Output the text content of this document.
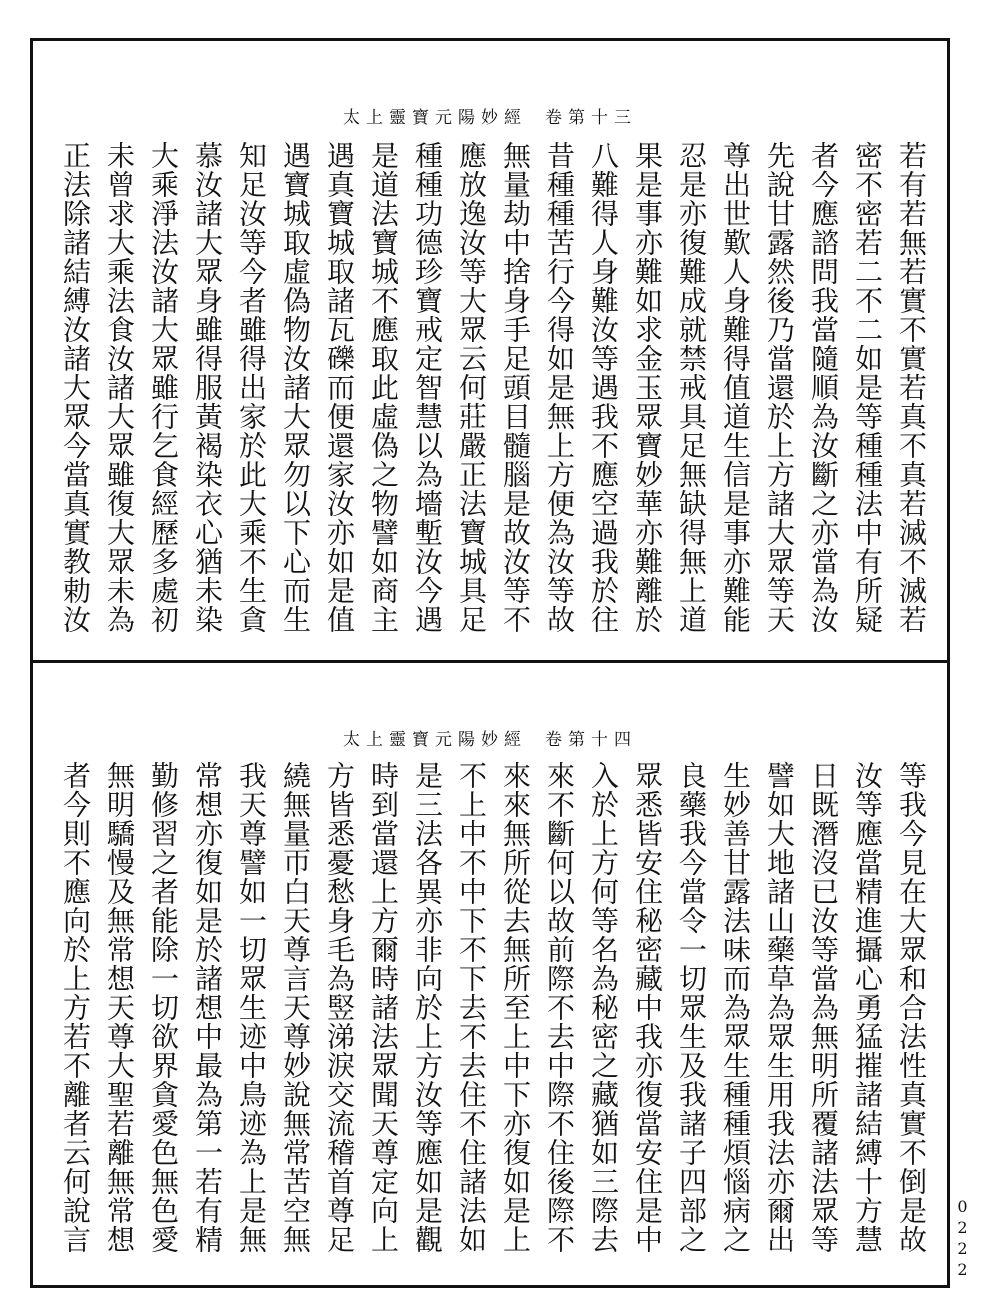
太上靈寶元陽妙經 卷第十三
若有若無若實不實若真不真若滅不滅若
密不密若二不二如是等種種法中有所疑
者今應諮問我當隨順為汝斷之亦當為汝
先說甘露然後乃當還於上方諸大眾等天
尊出世歎人身難得值道生信是事亦難能
忍是亦復難成就禁戒具足無缺得無上道
果是事亦難如求金玉眾寶妙華亦難離於
八難得人身難汝等遇我不應空過我於往
昔種種苦行今得如是無上方便為汝等故
無量劫中捨身手足頭目髓腦是故汝等不
應放逸汝等大眾云何莊嚴正法寶城具足
種種功德珍寶戒定智慧以為墻塹汝今遇
是道法寶城不應取此虛偽之物譬如商主
遇真寶城取諸瓦礫而便還家汝亦如是值
遇寶城取虛偽物汝諸大眾勿以下心而生
知足汝等今者雖得出家於此大乘不生貪
慕汝諸大眾身雖得服黃褐染衣心猶未染
大乘淨法汝諸大眾雖行乞食經歷多處初
未曾求大乘法食汝諸大眾雖復大眾未為
正法除諸結縛汝諸大眾今當真實教勅汝
太上靈寶元陽妙經 卷第十四
等我今見在大眾和合法性真實不倒是故
汝等應當精進攝心勇猛摧諸結縛十方慧
日既潛沒已汝等當為無明所覆諸法眾等
譬如大地諸山藥草為眾生用我法亦爾出
生妙善甘露法味而為眾生種種煩惱病之
良藥我今當令一切眾生及我諸子四部之
眾悉皆安住秘密藏中我亦復當安住是中
入於上方何等名為秘密之藏猶如三際去
來不斷何以故前際不去中際不住後際不
來來無所從去無所至上中下亦復如是上
不上中不中下不下去不去住不住諸法如
是三法各異亦非向於上方汝等應如是觀
時到當還上方爾時諸法眾聞天尊定向上
方皆悉憂愁身毛為竪涕淚交流稽首尊足
繞無量帀白天尊言天尊妙說無常苦空無
我天尊譬如一切眾生迹中鳥迹為上是無
常想亦復如是於諸想中最為第一若有精
勤修習之者能除一切欲界貪愛色無色愛
無明驕慢及無常想天尊大聖若離無常想
者今則不應向於上方若不離者云何說言	0222
